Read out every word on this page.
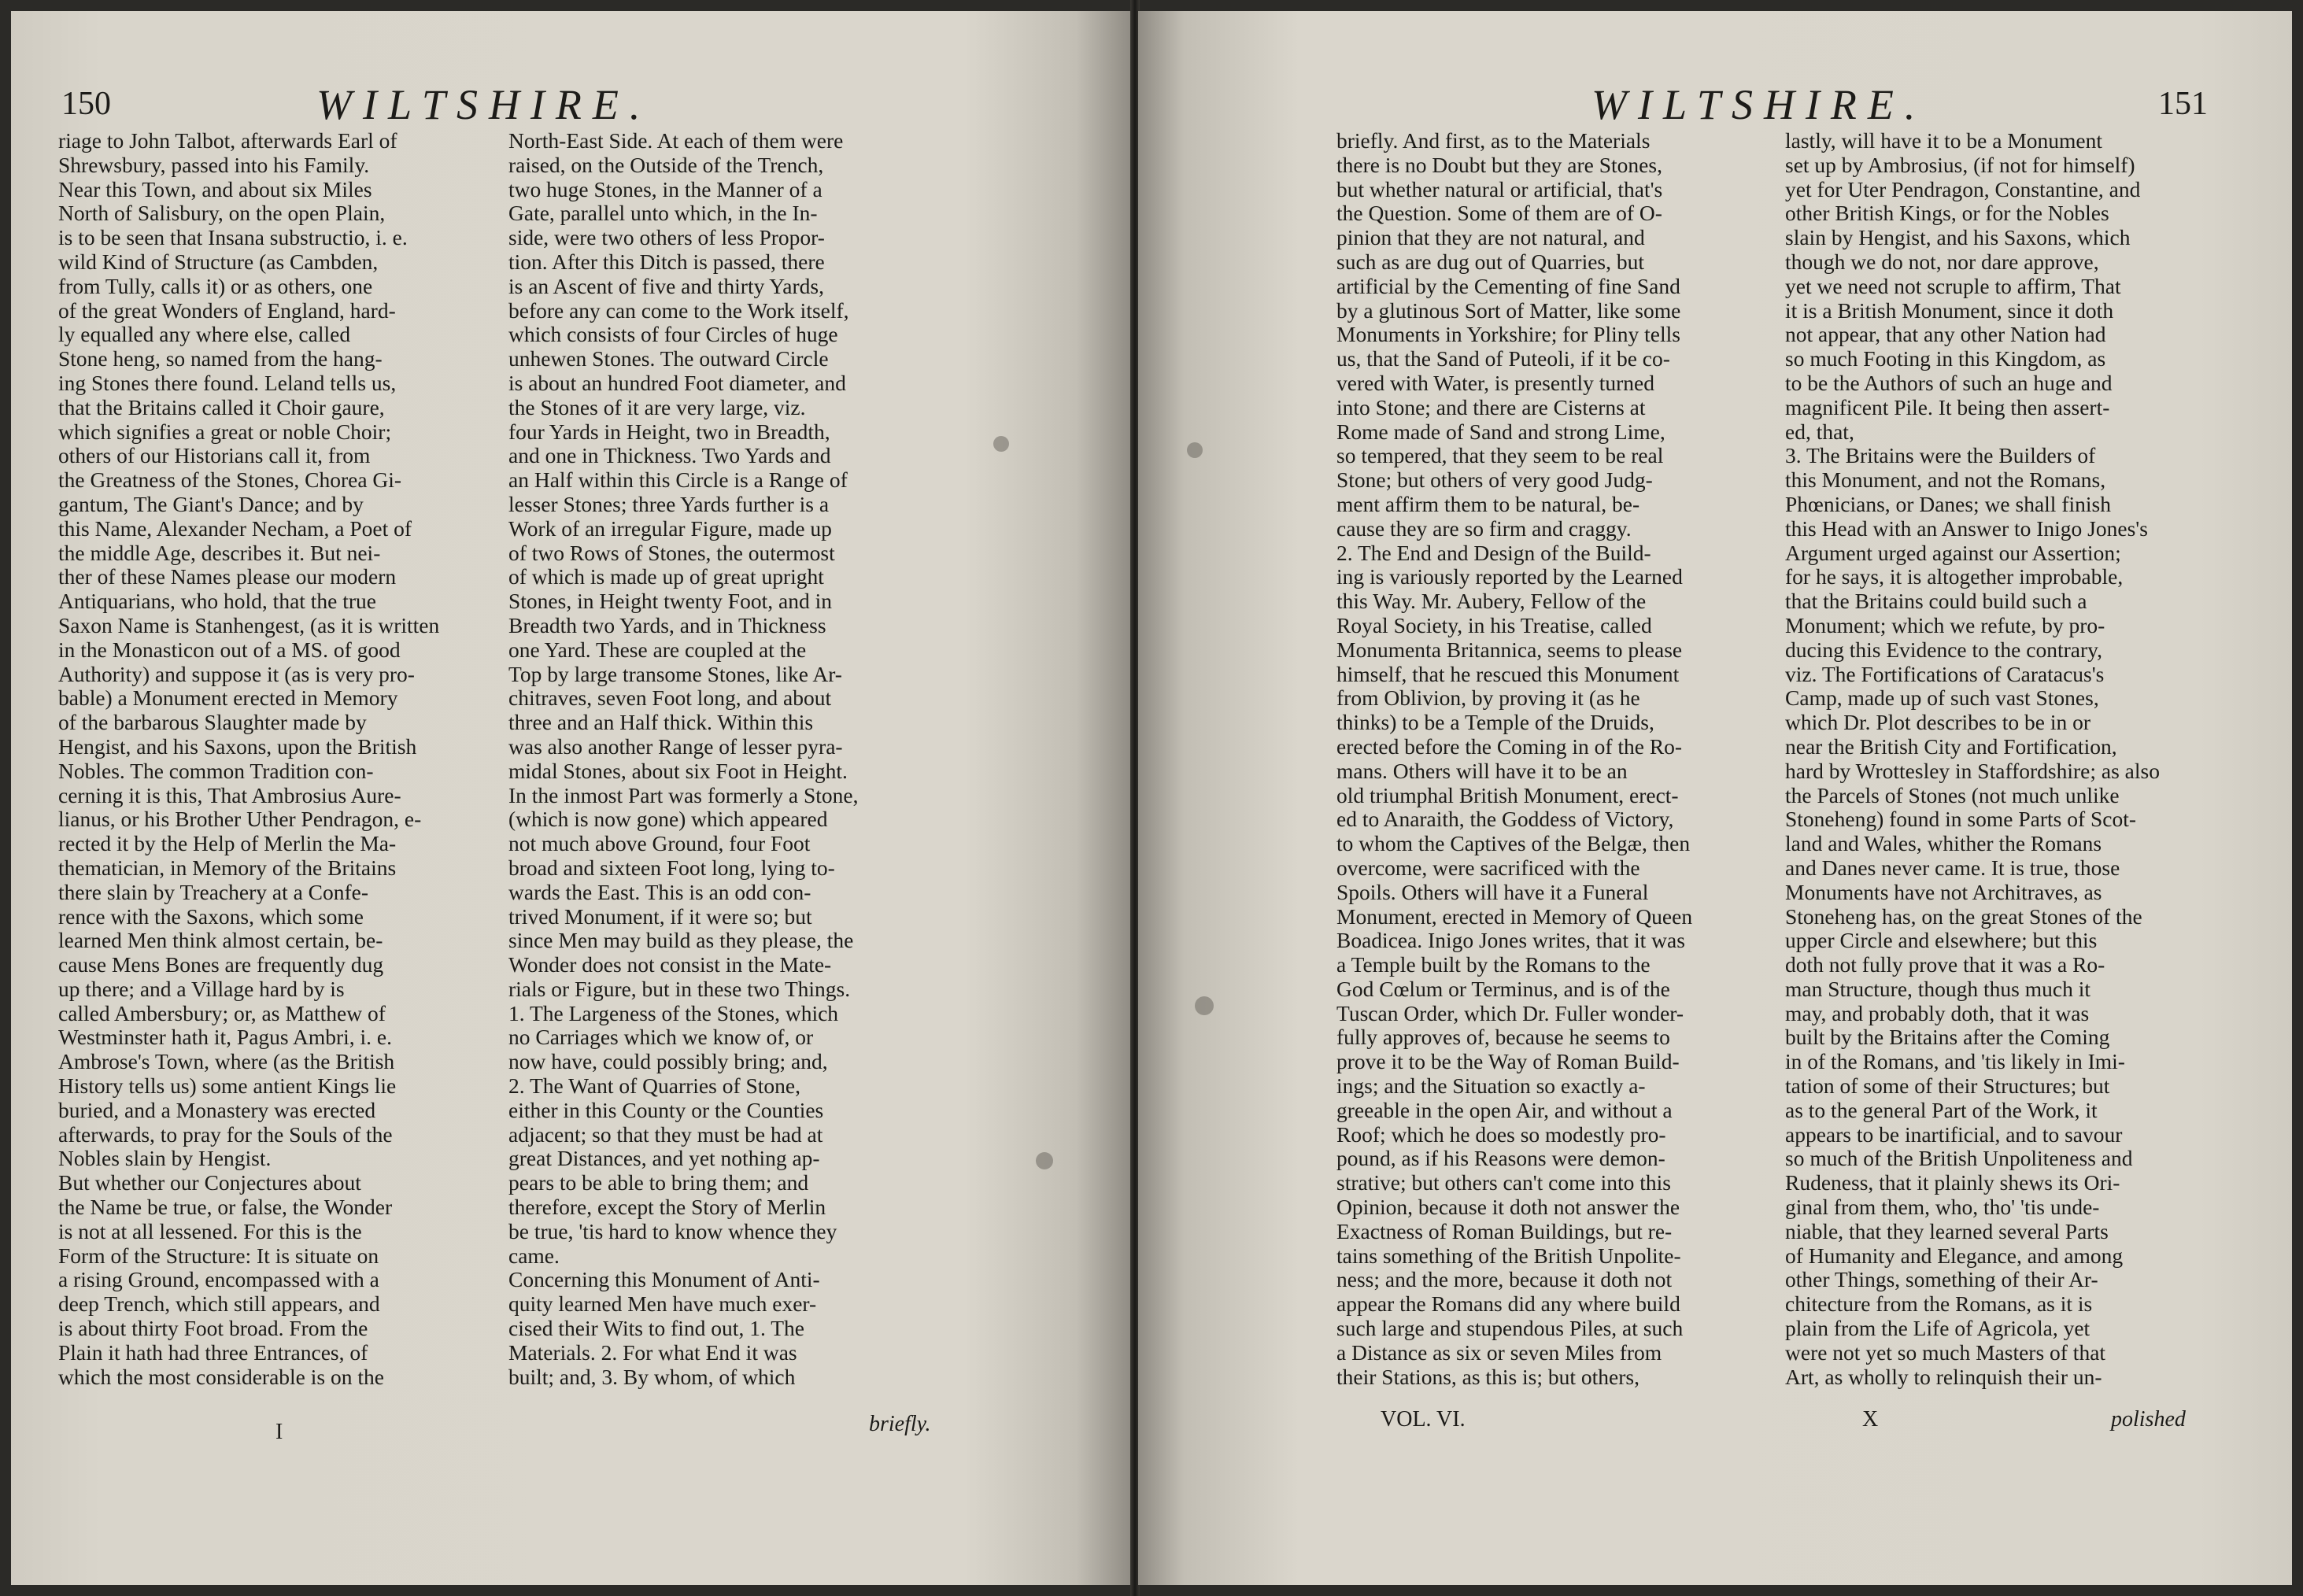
150	WILTSHIRE.
riage to John Talbot, afterwards Earl of
Shrewsbury, passed into his Family.
Near this Town, and about six Miles
North of Salisbury, on the open Plain,
is to be seen that Insana substructio, i. e.
wild Kind of Structure (as Cambden,
from Tully, calls it) or as others, one
of the great Wonders of England, hard-
ly equalled any where else, called
Stone heng, so named from the hang-
ing Stones there found. Leland tells us,
that the Britains called it Choir gaure,
which signifies a great or noble Choir;
others of our Historians call it, from
the Greatness of the Stones, Chorea Gi-
gantum, The Giant's Dance; and by
this Name, Alexander Necham, a Poet of
the middle Age, describes it. But nei-
ther of these Names please our modern
Antiquarians, who hold, that the true
Saxon Name is Stanhengest, (as it is written
in the Monasticon out of a MS. of good
Authority) and suppose it (as is very pro-
bable) a Monument erected in Memory
of the barbarous Slaughter made by
Hengist, and his Saxons, upon the British
Nobles. The common Tradition con-
cerning it is this, That Ambrosius Aure-
lianus, or his Brother Uther Pendragon, e-
rected it by the Help of Merlin the Ma-
thematician, in Memory of the Britains
there slain by Treachery at a Confe-
rence with the Saxons, which some
learned Men think almost certain, be-
cause Mens Bones are frequently dug
up there; and a Village hard by is
called Ambersbury; or, as Matthew of
Westminster hath it, Pagus Ambri, i. e.
Ambrose's Town, where (as the British
History tells us) some antient Kings lie
buried, and a Monastery was erected
afterwards, to pray for the Souls of the
Nobles slain by Hengist.
But whether our Conjectures about
the Name be true, or false, the Wonder
is not at all lessened. For this is the
Form of the Structure: It is situate on
a rising Ground, encompassed with a
deep Trench, which still appears, and
is about thirty Foot broad. From the
Plain it hath had three Entrances, of
which the most considerable is on the
North-East Side. At each of them were
raised, on the Outside of the Trench,
two huge Stones, in the Manner of a
Gate, parallel unto which, in the In-
side, were two others of less Propor-
tion. After this Ditch is passed, there
is an Ascent of five and thirty Yards,
before any can come to the Work itself,
which consists of four Circles of huge
unhewen Stones. The outward Circle
is about an hundred Foot diameter, and
the Stones of it are very large, viz.
four Yards in Height, two in Breadth,
and one in Thickness. Two Yards and
an Half within this Circle is a Range of
lesser Stones; three Yards further is a
Work of an irregular Figure, made up
of two Rows of Stones, the outermost
of which is made up of great upright
Stones, in Height twenty Foot, and in
Breadth two Yards, and in Thickness
one Yard. These are coupled at the
Top by large transome Stones, like Ar-
chitraves, seven Foot long, and about
three and an Half thick. Within this
was also another Range of lesser pyra-
midal Stones, about six Foot in Height.
In the inmost Part was formerly a Stone,
(which is now gone) which appeared
not much above Ground, four Foot
broad and sixteen Foot long, lying to-
wards the East. This is an odd con-
trived Monument, if it were so; but
since Men may build as they please, the
Wonder does not consist in the Mate-
rials or Figure, but in these two Things.
1. The Largeness of the Stones, which
no Carriages which we know of, or
now have, could possibly bring; and,
2. The Want of Quarries of Stone,
either in this County or the Counties
adjacent; so that they must be had at
great Distances, and yet nothing ap-
pears to be able to bring them; and
therefore, except the Story of Merlin
be true, 'tis hard to know whence they
came.
Concerning this Monument of Anti-
quity learned Men have much exer-
cised their Wits to find out, 1. The
Materials. 2. For what End it was
built; and, 3. By whom, of which
I	briefly.
WILTSHIRE.	151
briefly. And first, as to the Materials
there is no Doubt but they are Stones,
but whether natural or artificial, that's
the Question. Some of them are of O-
pinion that they are not natural, and
such as are dug out of Quarries, but
artificial by the Cementing of fine Sand
by a glutinous Sort of Matter, like some
Monuments in Yorkshire; for Pliny tells
us, that the Sand of Puteoli, if it be co-
vered with Water, is presently turned
into Stone; and there are Cisterns at
Rome made of Sand and strong Lime,
so tempered, that they seem to be real
Stone; but others of very good Judg-
ment affirm them to be natural, be-
cause they are so firm and craggy.
2. The End and Design of the Build-
ing is variously reported by the Learned
this Way. Mr. Aubery, Fellow of the
Royal Society, in his Treatise, called
Monumenta Britannica, seems to please
himself, that he rescued this Monument
from Oblivion, by proving it (as he
thinks) to be a Temple of the Druids,
erected before the Coming in of the Ro-
mans. Others will have it to be an
old triumphal British Monument, erect-
ed to Anaraith, the Goddess of Victory,
to whom the Captives of the Belgæ, then
overcome, were sacrificed with the
Spoils. Others will have it a Funeral
Monument, erected in Memory of Queen
Boadicea. Inigo Jones writes, that it was
a Temple built by the Romans to the
God Cœlum or Terminus, and is of the
Tuscan Order, which Dr. Fuller wonder-
fully approves of, because he seems to
prove it to be the Way of Roman Build-
ings; and the Situation so exactly a-
greeable in the open Air, and without a
Roof; which he does so modestly pro-
pound, as if his Reasons were demon-
strative; but others can't come into this
Opinion, because it doth not answer the
Exactness of Roman Buildings, but re-
tains something of the British Unpolite-
ness; and the more, because it doth not
appear the Romans did any where build
such large and stupendous Piles, at such
a Distance as six or seven Miles from
their Stations, as this is; but others,
lastly, will have it to be a Monument
set up by Ambrosius, (if not for himself)
yet for Uter Pendragon, Constantine, and
other British Kings, or for the Nobles
slain by Hengist, and his Saxons, which
though we do not, nor dare approve,
yet we need not scruple to affirm, That
it is a British Monument, since it doth
not appear, that any other Nation had
so much Footing in this Kingdom, as
to be the Authors of such an huge and
magnificent Pile. It being then assert-
ed, that,
3. The Britains were the Builders of
this Monument, and not the Romans,
Phœnicians, or Danes; we shall finish
this Head with an Answer to Inigo Jones's
Argument urged against our Assertion;
for he says, it is altogether improbable,
that the Britains could build such a
Monument; which we refute, by pro-
ducing this Evidence to the contrary,
viz. The Fortifications of Caratacus's
Camp, made up of such vast Stones,
which Dr. Plot describes to be in or
near the British City and Fortification,
hard by Wrottesley in Staffordshire; as also
the Parcels of Stones (not much unlike
Stoneheng) found in some Parts of Scot-
land and Wales, whither the Romans
and Danes never came. It is true, those
Monuments have not Architraves, as
Stoneheng has, on the great Stones of the
upper Circle and elsewhere; but this
doth not fully prove that it was a Ro-
man Structure, though thus much it
may, and probably doth, that it was
built by the Britains after the Coming
in of the Romans, and 'tis likely in Imi-
tation of some of their Structures; but
as to the general Part of the Work, it
appears to be inartificial, and to savour
so much of the British Unpoliteness and
Rudeness, that it plainly shews its Ori-
ginal from them, who, tho' 'tis unde-
niable, that they learned several Parts
of Humanity and Elegance, and among
other Things, something of their Ar-
chitecture from the Romans, as it is
plain from the Life of Agricola, yet
were not yet so much Masters of that
Art, as wholly to relinquish their un-
VOL. VI.	X	polished
